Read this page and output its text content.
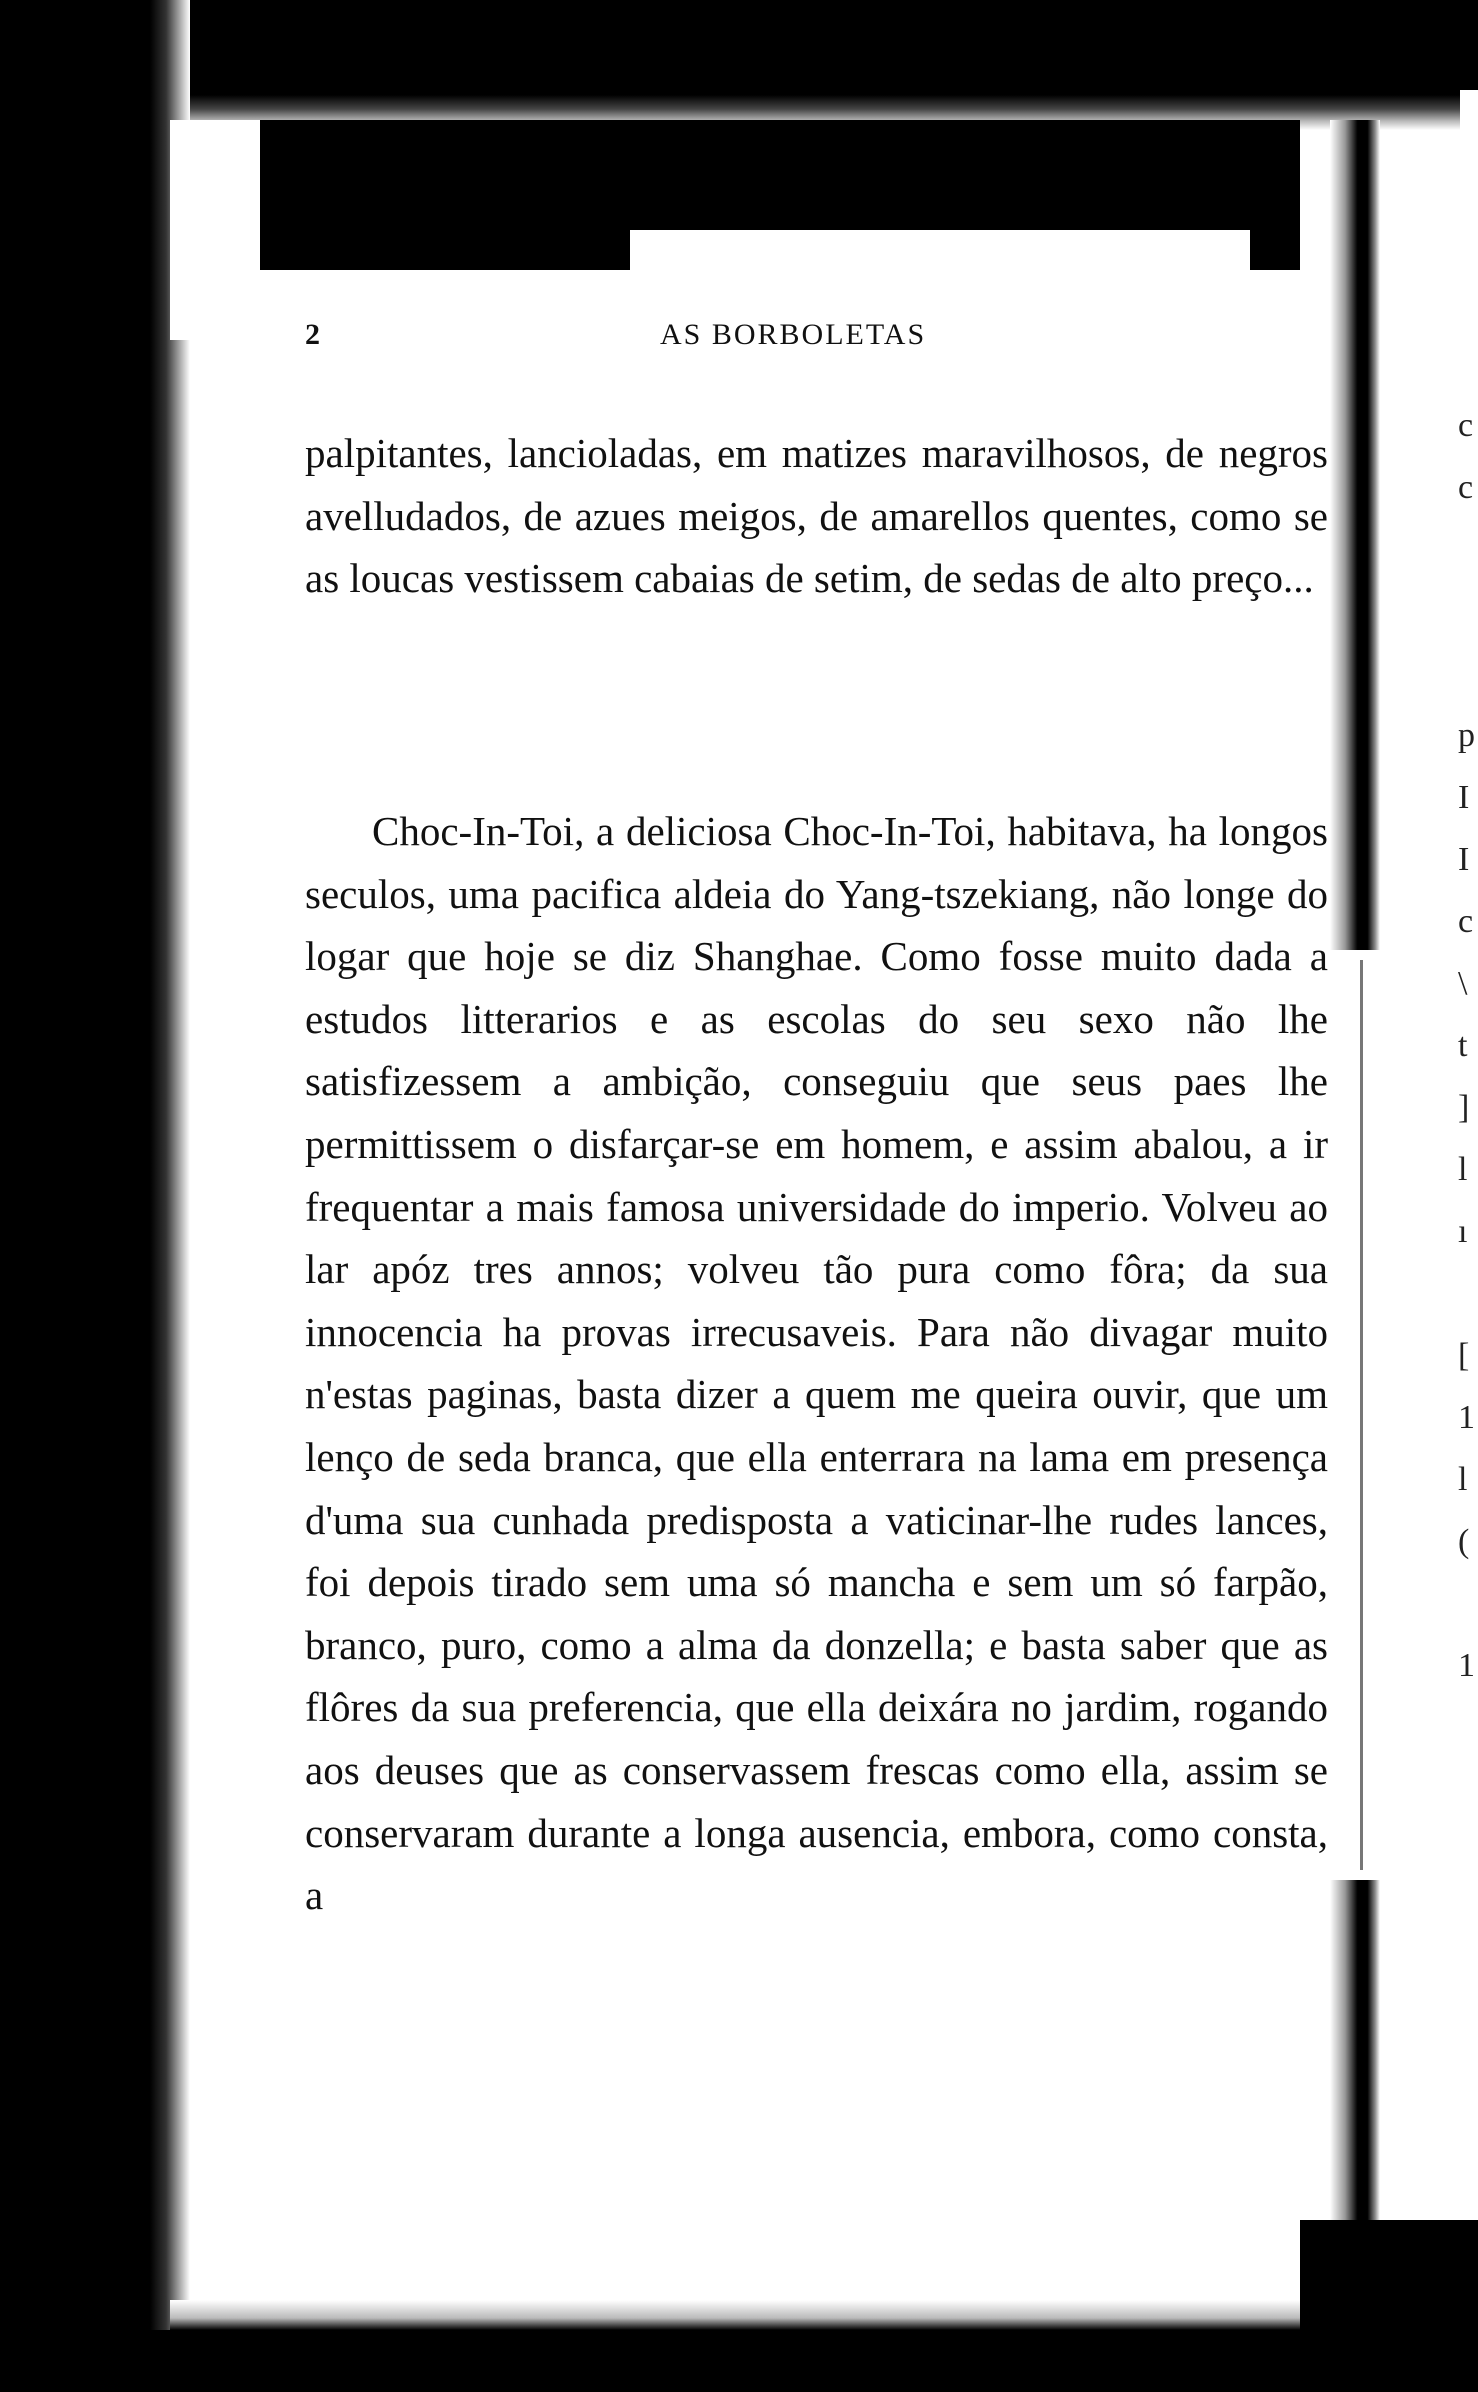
2	AS BORBOLETAS
palpitantes, lancioladas, em matizes maravilhosos, de negros avelludados, de azues meigos, de amarellos quentes, como se as loucas vestissem cabaias de setim, de sedas de alto preço...
Choc-In-Toi, a deliciosa Choc-In-Toi, habitava, ha longos seculos, uma pacifica aldeia do Yang-tszekiang, não longe do logar que hoje se diz Shanghae. Como fosse muito dada a estudos litterarios e as escolas do seu sexo não lhe satisfizessem a ambição, conseguiu que seus paes lhe permittissem o disfarçar-se em homem, e assim abalou, a ir frequentar a mais famosa universidade do imperio. Volveu ao lar apóz tres annos; volveu tão pura como fôra; da sua innocencia ha provas irrecusaveis. Para não divagar muito n'estas paginas, basta dizer a quem me queira ouvir, que um lenço de seda branca, que ella enterrara na lama em presença d'uma sua cunhada predisposta a vaticinar-lhe rudes lances, foi depois tirado sem uma só mancha e sem um só farpão, branco, puro, como a alma da donzella; e basta saber que as flôres da sua preferencia, que ella deixára no jardim, rogando aos deuses que as conservassem frescas como ella, assim se conservaram durante a longa ausencia, embora, como consta, a
c
c

p
I
I
c
\
t
]
l
ı

[
1
l
(

1
